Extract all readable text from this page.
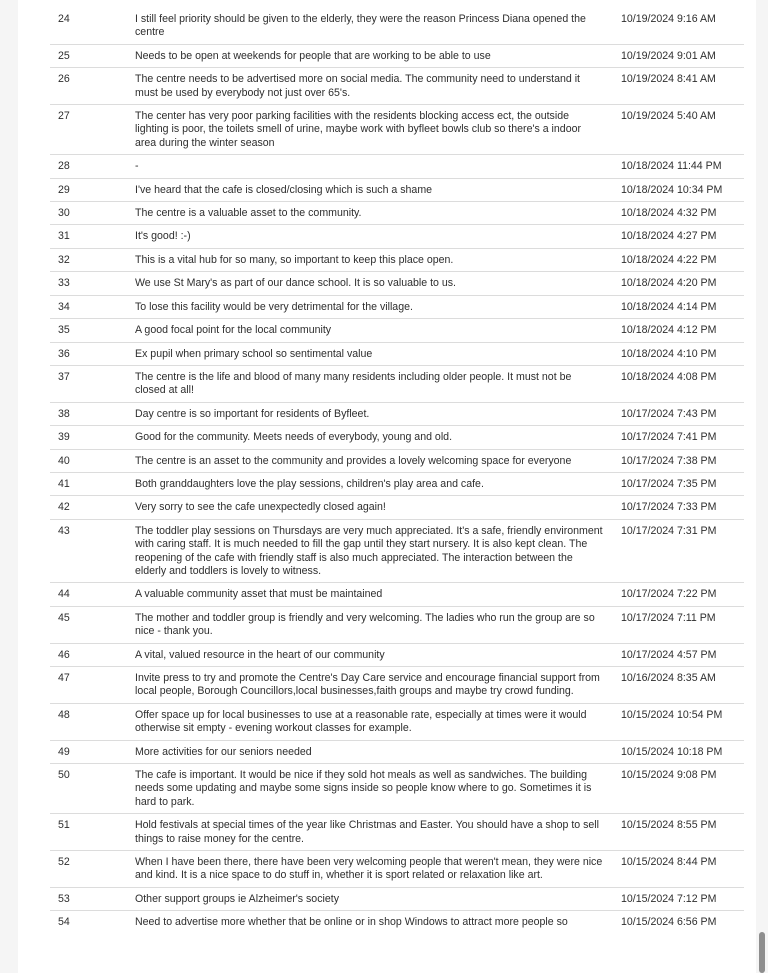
24	I still feel priority should be given to the elderly, they were the reason Princess Diana opened the centre	10/19/2024 9:16 AM
25	Needs to be open at weekends for people that are working to be able to use	10/19/2024 9:01 AM
26	The centre needs to be advertised more on social media. The community need to understand it must be used by everybody not just over 65's.	10/19/2024 8:41 AM
27	The center has very poor parking facilities with the residents blocking access ect, the outside lighting is poor, the toilets smell of urine, maybe work with byfleet bowls club so there's a indoor area during the winter season	10/19/2024 5:40 AM
28	-	10/18/2024 11:44 PM
29	I've heard that the cafe is closed/closing which is such a shame	10/18/2024 10:34 PM
30	The centre is a valuable asset to the community.	10/18/2024 4:32 PM
31	It's good! :-)	10/18/2024 4:27 PM
32	This is a vital hub for so many, so important to keep this place open.	10/18/2024 4:22 PM
33	We use St Mary's as part of our dance school. It is so valuable to us.	10/18/2024 4:20 PM
34	To lose this facility would be very detrimental for the village.	10/18/2024 4:14 PM
35	A good focal point for the local community	10/18/2024 4:12 PM
36	Ex pupil when primary school so sentimental value	10/18/2024 4:10 PM
37	The centre is the life and blood of many many residents including older people. It must not be closed at all!	10/18/2024 4:08 PM
38	Day centre is so important for residents of Byfleet.	10/17/2024 7:43 PM
39	Good for the community. Meets needs of everybody, young and old.	10/17/2024 7:41 PM
40	The centre is an asset to the community and provides a lovely welcoming space for everyone	10/17/2024 7:38 PM
41	Both granddaughters love the play sessions, children's play area and cafe.	10/17/2024 7:35 PM
42	Very sorry to see the cafe unexpectedly closed again!	10/17/2024 7:33 PM
43	The toddler play sessions on Thursdays are very much appreciated. It's a safe, friendly environment with caring staff. It is much needed to fill the gap until they start nursery. It is also kept clean. The reopening of the cafe with friendly staff is also much appreciated. The interaction between the elderly and toddlers is lovely to witness.	10/17/2024 7:31 PM
44	A valuable community asset that must be maintained	10/17/2024 7:22 PM
45	The mother and toddler group is friendly and very welcoming. The ladies who run the group are so nice - thank you.	10/17/2024 7:11 PM
46	A vital, valued resource in the heart of our community	10/17/2024 4:57 PM
47	Invite press to try and promote the Centre's Day Care service and encourage financial support from local people, Borough Councillors,local businesses,faith groups and maybe try crowd funding.	10/16/2024 8:35 AM
48	Offer space up for local businesses to use at a reasonable rate, especially at times were it would otherwise sit empty - evening workout classes for example.	10/15/2024 10:54 PM
49	More activities for our seniors needed	10/15/2024 10:18 PM
50	The cafe is important. It would be nice if they sold hot meals as well as sandwiches. The building needs some updating and maybe some signs inside so people know where to go. Sometimes it is hard to park.	10/15/2024 9:08 PM
51	Hold festivals at special times of the year like Christmas and Easter. You should have a shop to sell things to raise money for the centre.	10/15/2024 8:55 PM
52	When I have been there, there have been very welcoming people that weren't mean, they were nice and kind. It is a nice space to do stuff in, whether it is sport related or relaxation like art.	10/15/2024 8:44 PM
53	Other support groups ie Alzheimer's society	10/15/2024 7:12 PM
54	Need to advertise more whether that be online or in shop Windows to attract more people so	10/15/2024 6:56 PM
